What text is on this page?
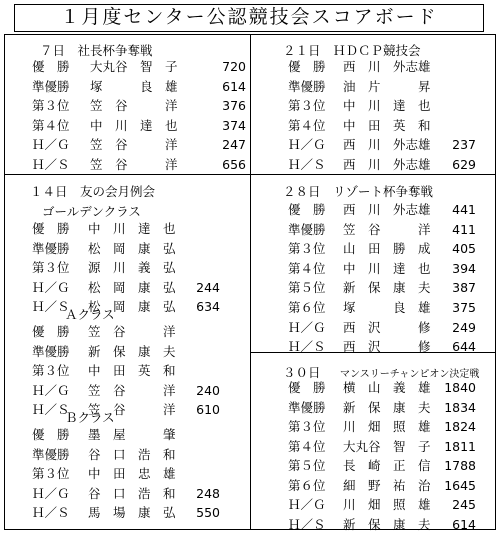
１月度センター公認競技会スコアボード
７日　社長杯争奪戦
優　勝 大丸谷　智　子	720
準優勝 塚　　　良　雄	614
第３位 笠　谷　　　洋	376
第４位 中　川　達　也	374
Ｈ／Ｇ 笠　谷　　　洋	247
Ｈ／Ｓ 笠　谷　　　洋	656
２１日　ＨＤＣＰ競技会
優　勝 西　川　外志雄
準優勝 油　片　　　昇
第３位 中　川　達　也
第４位 中　田　英　和
Ｈ／Ｇ 西　川　外志雄 237
Ｈ／Ｓ 西　川　外志雄 629
１４日　友の会月例会
ゴールデンクラス
優　勝 中　川　達　也
準優勝 松　岡　康　弘
第３位 源　川　義　弘
Ｈ／Ｇ 松　岡　康　弘 244
Ｈ／Ｓ 松　岡　康　弘 634
Ａクラス
優　勝 笠　谷　　　洋
準優勝 新　保　康　夫
第３位 中　田　英　和
Ｈ／Ｇ 笠　谷　　　洋 240
Ｈ／Ｓ 笠　谷　　　洋 610
Ｂクラス
優　勝 墨　屋　　　肇
準優勝 谷　口　浩　和
第３位 中　田　忠　雄
Ｈ／Ｇ 谷　口　浩　和 248
Ｈ／Ｓ 馬　場　康　弘 550
２８日　リゾート杯争奪戦
優　勝 西　川　外志雄 441
準優勝 笠　谷　　　洋 411
第３位 山　田　勝　成 405
第４位 中　川　達　也 394
第５位 新　保　康　夫 387
第６位 塚　　　良　雄 375
Ｈ／Ｇ 西　沢　　　修 249
Ｈ／Ｓ 西　沢　　　修 644
３０日 マンスリーチャンピオン決定戦
優　勝 横　山　義　雄 1840
準優勝 新　保　康　夫 1834
第３位 川　畑　照　雄 1824
第４位 大丸谷　智　子 1811
第５位 長　崎　正　信 1788
第６位 細　野　祐　治 1645
Ｈ／Ｇ 川　畑　照　雄 245
Ｈ／Ｓ 新　保　康　夫 614
